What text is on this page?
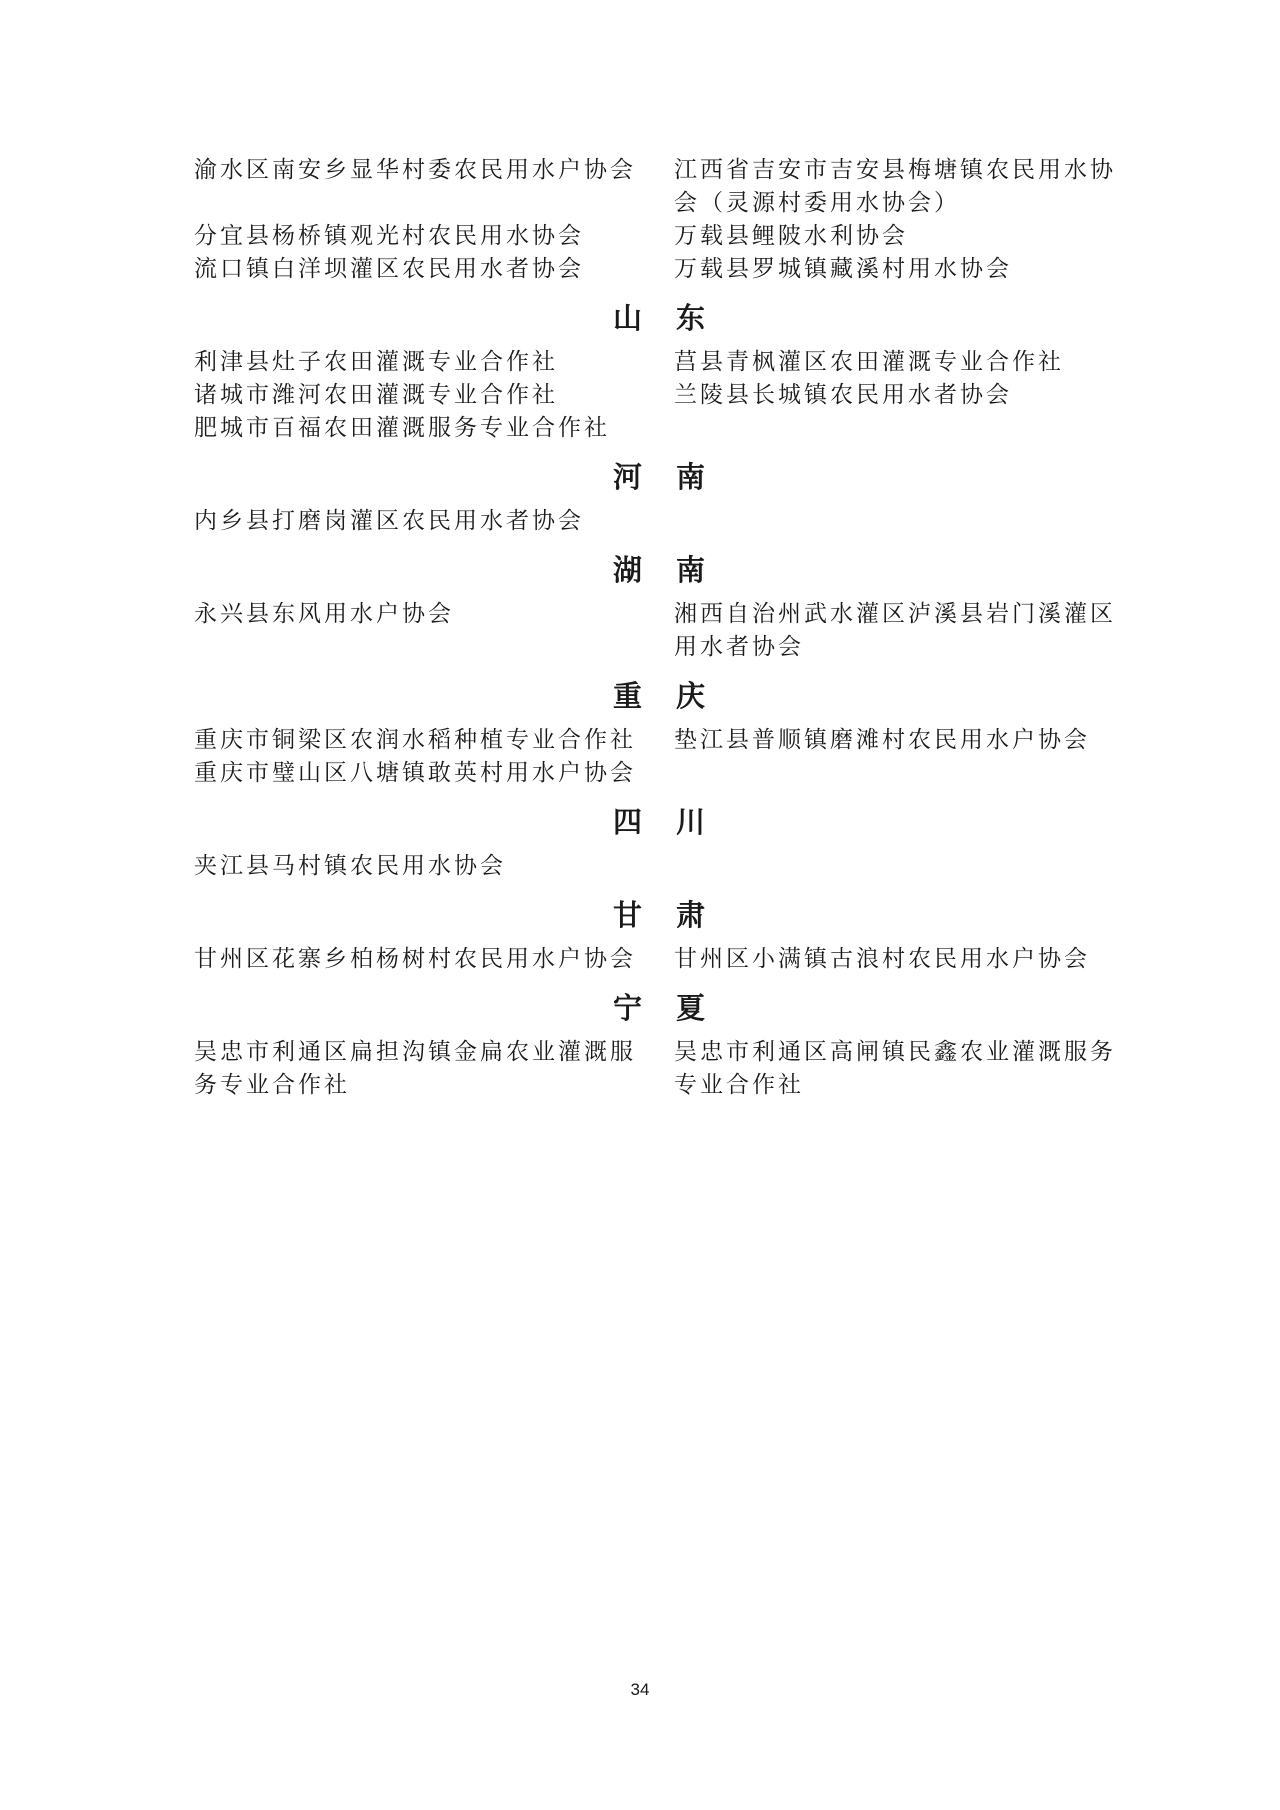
渝水区南安乡显华村委农民用水户协会
分宜县杨桥镇观光村农民用水协会
流口镇白洋坝灌区农民用水者协会
江西省吉安市吉安县梅塘镇农民用水协会（灵源村委用水协会）
万载县鲤陂水利协会
万载县罗城镇藏溪村用水协会
山东
利津县灶子农田灌溉专业合作社
诸城市潍河农田灌溉专业合作社
肥城市百福农田灌溉服务专业合作社
莒县青枫灌区农田灌溉专业合作社
兰陵县长城镇农民用水者协会
河南
内乡县打磨岗灌区农民用水者协会
湖南
永兴县东风用水户协会	湘西自治州武水灌区泸溪县岩门溪灌区用水者协会
重庆
重庆市铜梁区农润水稻种植专业合作社
重庆市璧山区八塘镇敢英村用水户协会
垫江县普顺镇磨滩村农民用水户协会
四川
夹江县马村镇农民用水协会
甘肃
甘州区花寨乡柏杨树村农民用水户协会	甘州区小满镇古浪村农民用水户协会
宁夏
吴忠市利通区扁担沟镇金扁农业灌溉服务专业合作社
吴忠市利通区高闸镇民鑫农业灌溉服务专业合作社
34
